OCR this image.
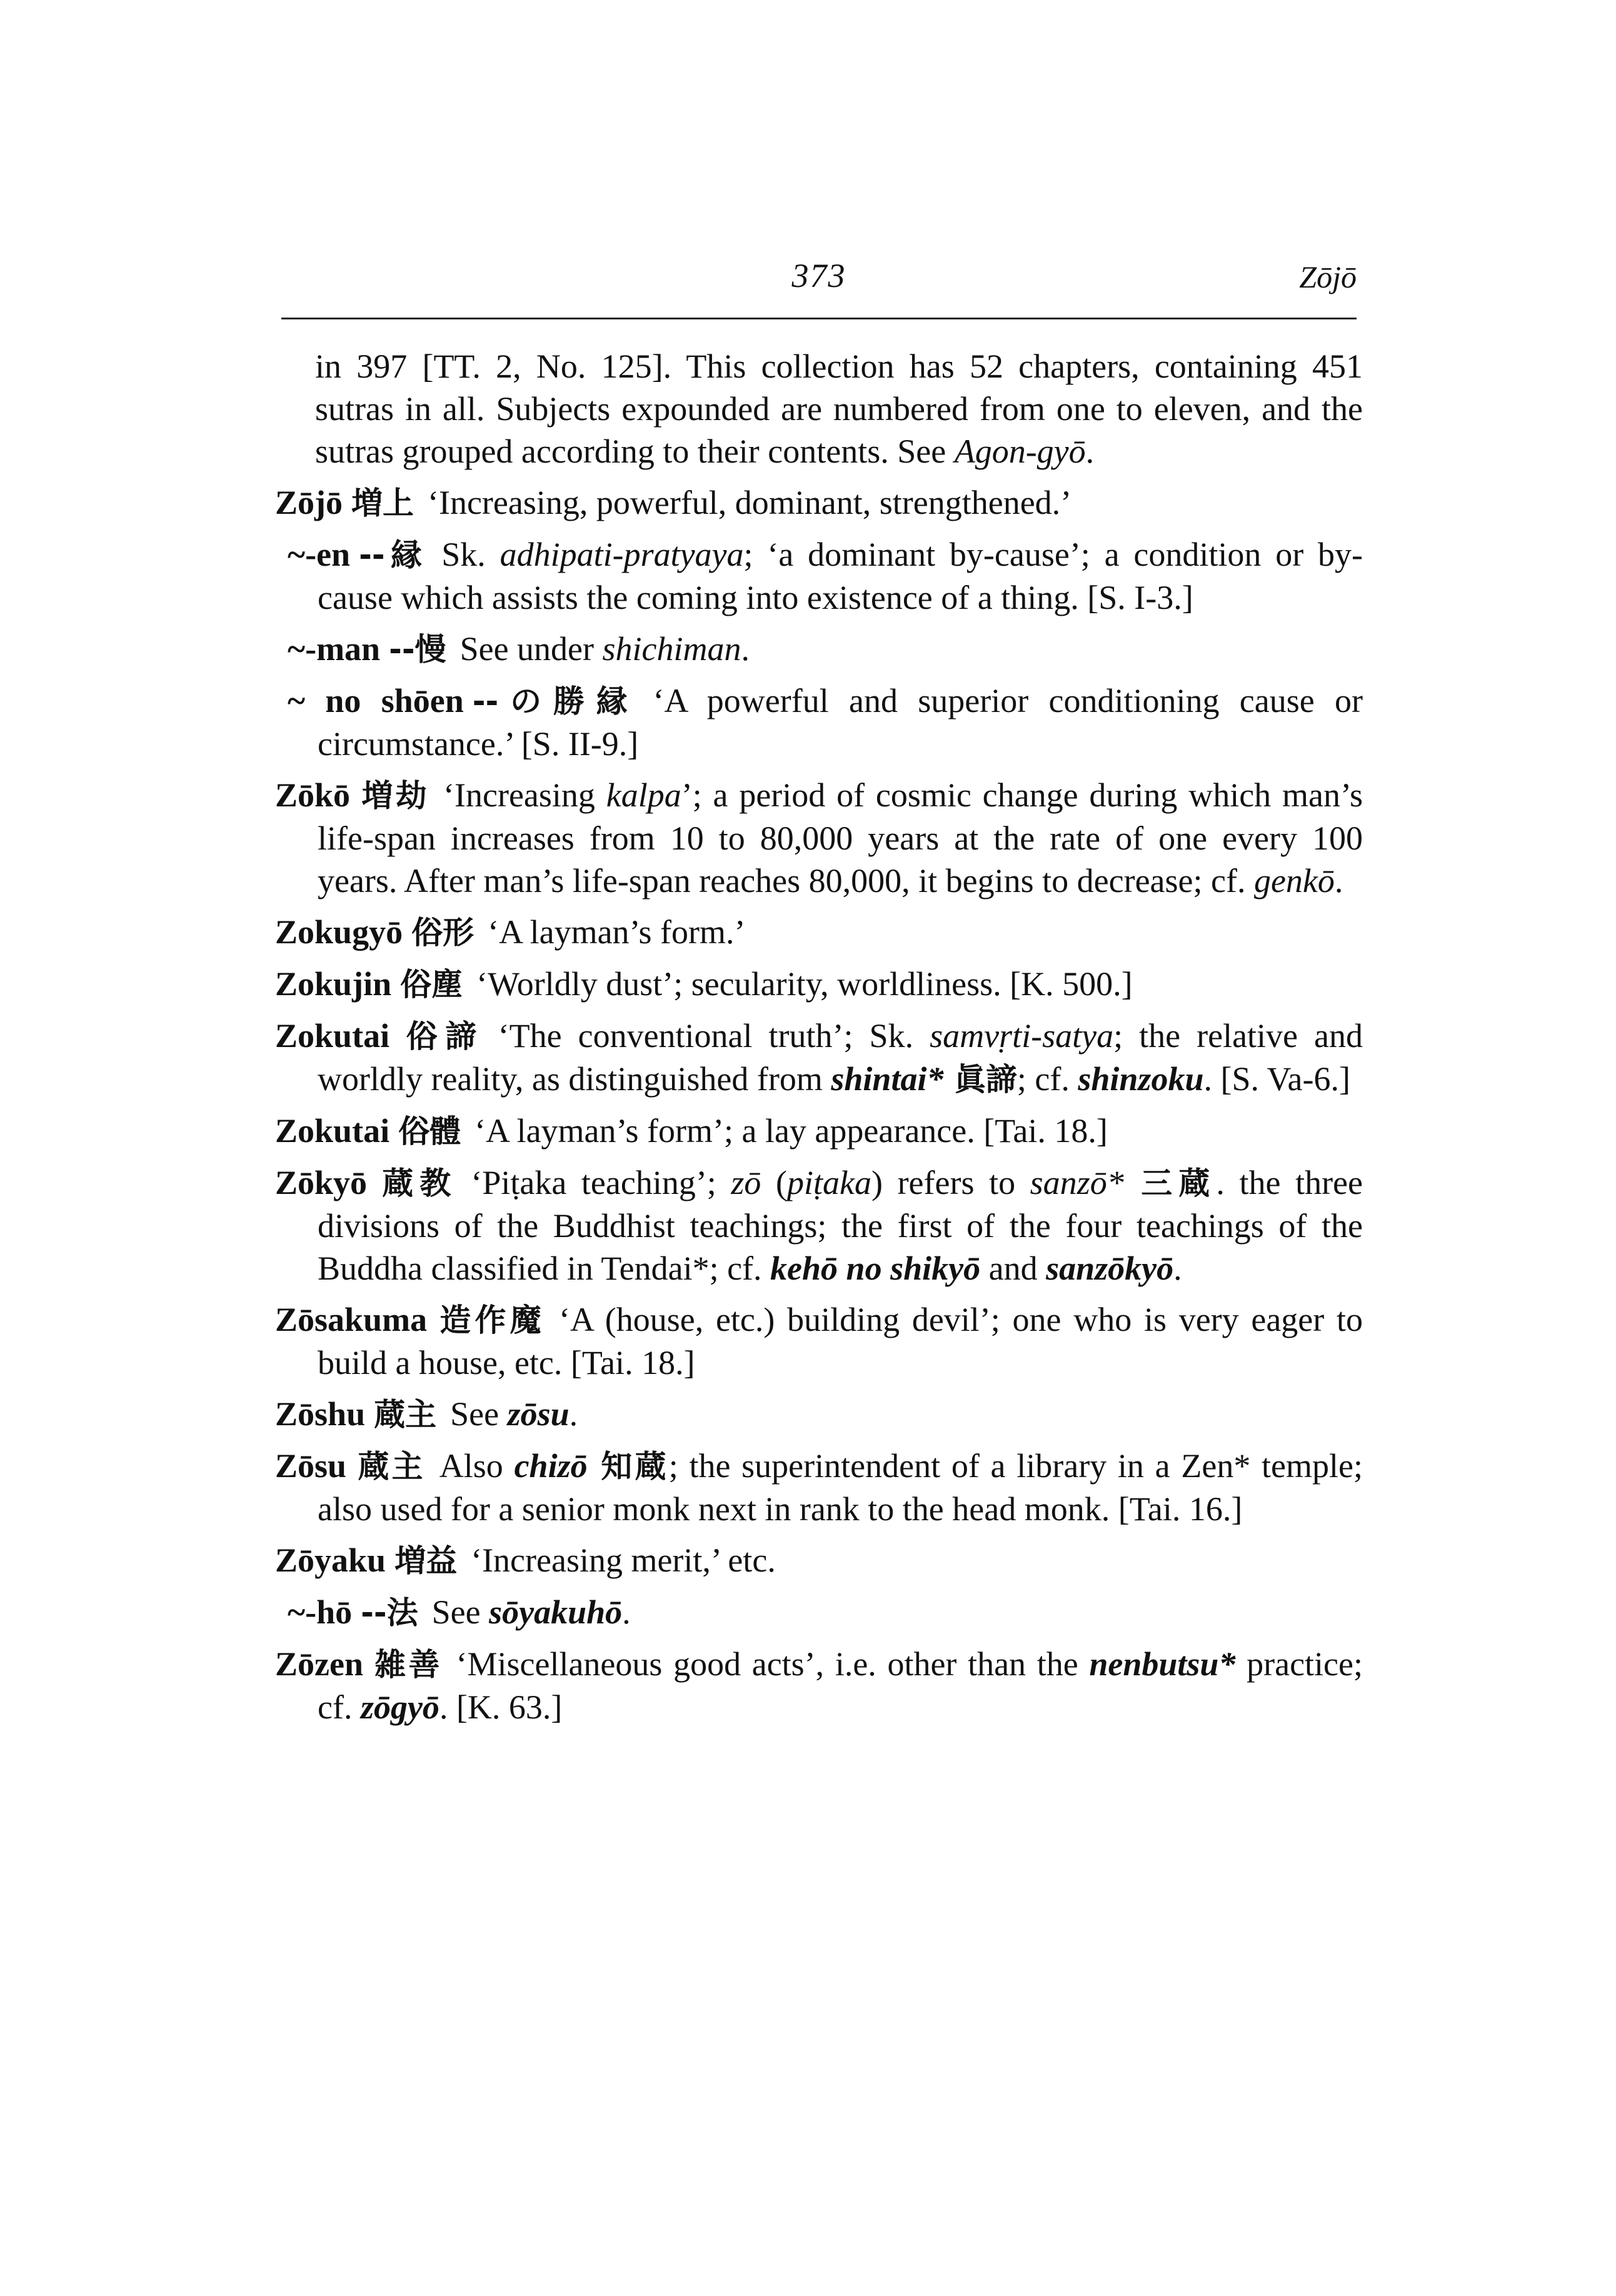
373	Zōjō

in 397 [TT. 2, No. 125]. This collection has 52 chapters, containing 451 sutras in all. Subjects expounded are numbered from one to eleven, and the sutras grouped according to their contents. See Agon-gyō.

Zōjō 増上 ‘Increasing, powerful, dominant, strengthened.’

~-en --縁 Sk. adhipati-pratyaya; ‘a dominant by-cause’; a condition or by-cause which assists the coming into existence of a thing. [S. I-3.]

~-man --慢 See under shichiman.

~ no shōen --の勝縁 ‘A powerful and superior conditioning cause or circumstance.’ [S. II-9.]

Zōkō 増劫 ‘Increasing kalpa’; a period of cosmic change during which man’s life-span increases from 10 to 80,000 years at the rate of one every 100 years. After man’s life-span reaches 80,000, it begins to decrease; cf. genkō.

Zokugyō 俗形 ‘A layman’s form.’

Zokujin 俗塵 ‘Worldly dust’; secularity, worldliness. [K. 500.]

Zokutai 俗諦 ‘The conventional truth’; Sk. samvṛti-satya; the relative and worldly reality, as distinguished from shintai* 眞諦; cf. shinzoku. [S. Va-6.]

Zokutai 俗體 ‘A layman’s form’; a lay appearance. [Tai. 18.]

Zōkyō 蔵教 ‘Piṭaka teaching’; zō (piṭaka) refers to sanzō* 三蔵. the three divisions of the Buddhist teachings; the first of the four teachings of the Buddha classified in Tendai*; cf. kehō no shikyō and sanzōkyō.

Zōsakuma 造作魔 ‘A (house, etc.) building devil’; one who is very eager to build a house, etc. [Tai. 18.]

Zōshu 蔵主 See zōsu.

Zōsu 蔵主 Also chizō 知蔵; the superintendent of a library in a Zen* temple; also used for a senior monk next in rank to the head monk. [Tai. 16.]

Zōyaku 増益 ‘Increasing merit,’ etc.

~-hō --法 See sōyakuhō.

Zōzen 雑善 ‘Miscellaneous good acts’, i.e. other than the nenbutsu* practice; cf. zōgyō. [K. 63.]
